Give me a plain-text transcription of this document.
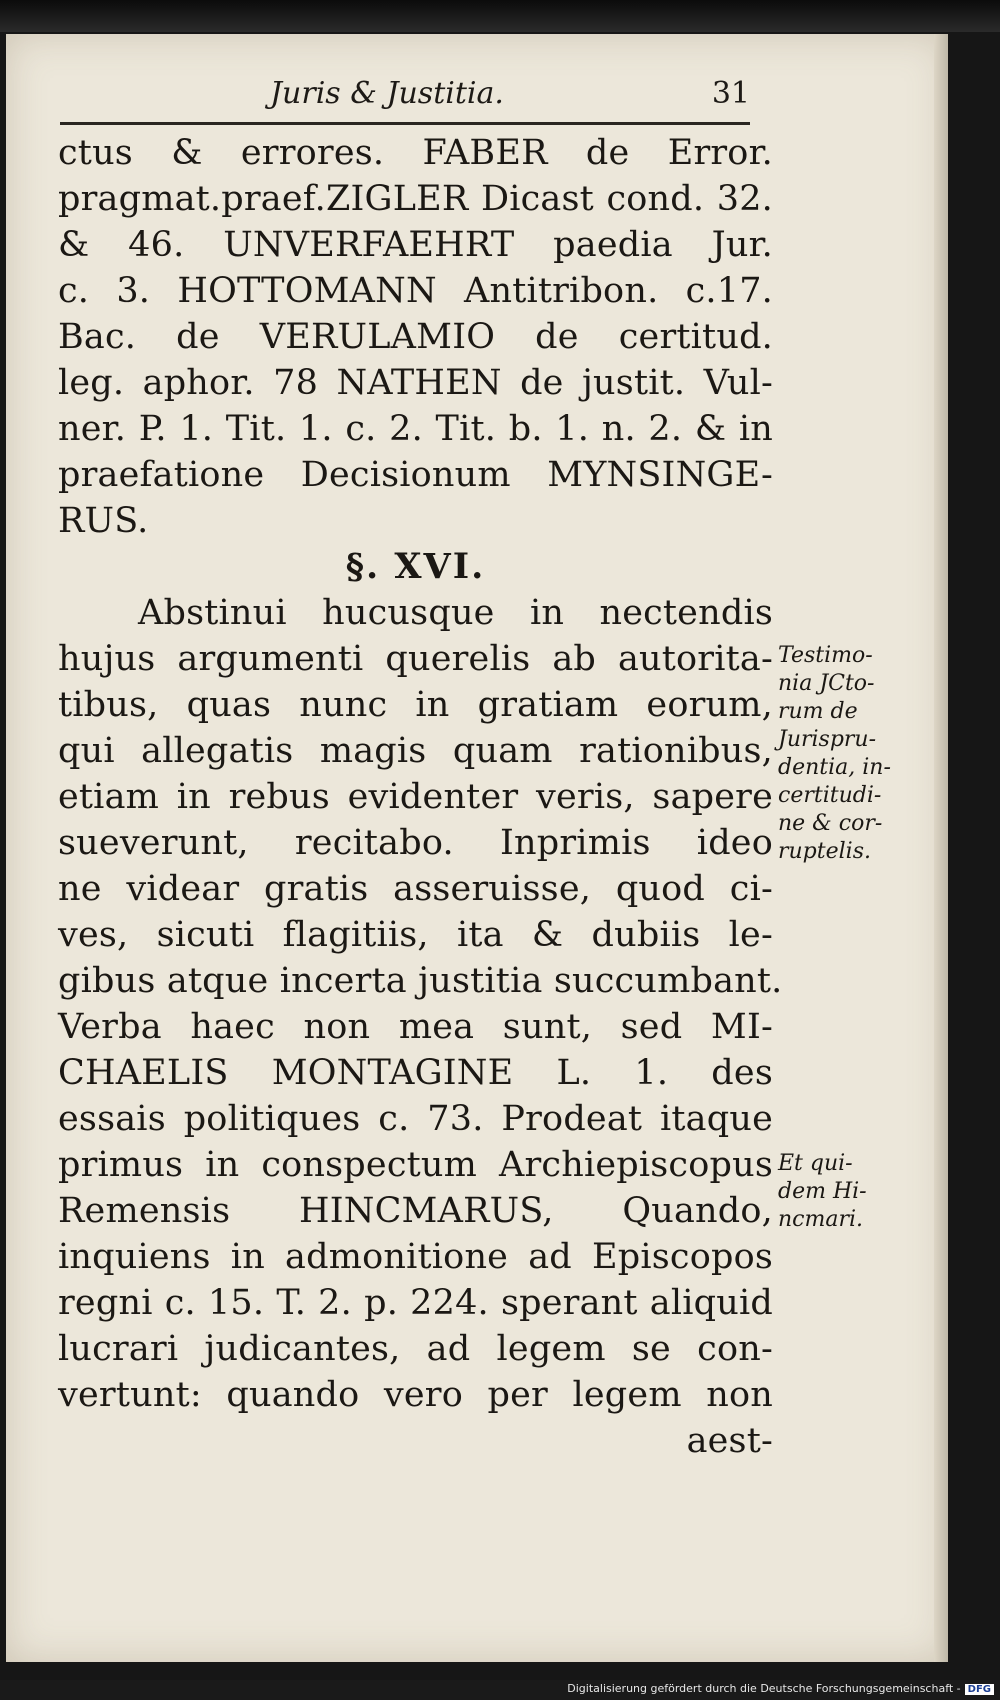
Juris & Justitia.	31
ctus & errores. FABER de Error.
pragmat.praef.ZIGLER Dicast cond. 32.
& 46. UNVERFAEHRT paedia Jur.
c. 3. HOTTOMANN Antitribon. c.17.
Bac. de VERULAMIO de certitud.
leg. aphor. 78 NATHEN de justit. Vul-
ner. P. 1. Tit. 1. c. 2. Tit. b. 1. n. 2. & in
praefatione Decisionum MYNSINGE-
RUS.
§. XVI.
Abstinui hucusque in nectendis
hujus argumenti querelis ab autorita-
tibus, quas nunc in gratiam eorum,
qui allegatis magis quam rationibus,
etiam in rebus evidenter veris, sapere
sueverunt, recitabo. Inprimis ideo
ne videar gratis asseruisse, quod ci-
ves, sicuti flagitiis, ita & dubiis le-
gibus atque incerta justitia succumbant.
Verba haec non mea sunt, sed MI-
CHAELIS MONTAGINE L. 1. des
essais politiques c. 73. Prodeat itaque
primus in conspectum Archiepiscopus
Remensis HINCMARUS, Quando,
inquiens in admonitione ad Episcopos
regni c. 15. T. 2. p. 224. sperant aliquid
lucrari judicantes, ad legem se con-
vertunt: quando vero per legem non
aest-
Testimo-
nia JCto-
rum de
Jurispru-
dentia, in-
certitudi-
ne & cor-
ruptelis.
Et qui-
dem Hi-
ncmari.
Digitalisierung gefördert durch die Deutsche Forschungsgemeinschaft - DFG
